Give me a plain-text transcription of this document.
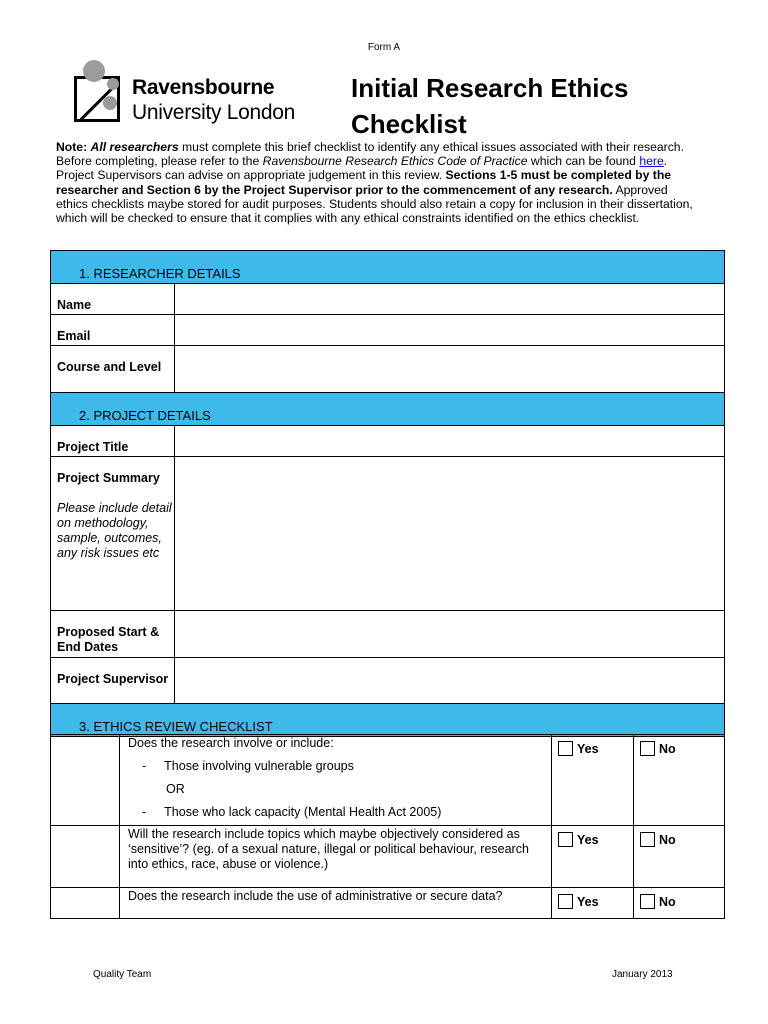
Form A
Ravensbourne
University London
Initial Research Ethics
Checklist
Note: All researchers must complete this brief checklist to identify any ethical issues associated with their research. Before completing, please refer to the Ravensbourne Research Ethics Code of Practice which can be found here. Project Supervisors can advise on appropriate judgement in this review. Sections 1-5 must be completed by the researcher and Section 6 by the Project Supervisor prior to the commencement of any research. Approved ethics checklists maybe stored for audit purposes. Students should also retain a copy for inclusion in their dissertation, which will be checked to ensure that it complies with any ethical constraints identified on the ethics checklist.
1. RESEARCHER DETAILS	
Name	
Email	
Course and Level	
2. PROJECT DETAILS	
Project Title	
Project Summary
Please include detail on methodology, sample, outcomes, any risk issues etc	

Proposed Start & End Dates	
Project Supervisor	
3. ETHICS REVIEW CHECKLIST	

	Does the research involve or include:
- Those involving vulnerable groups
OR
- Those who lack capacity (Mental Health Act 2005)	Yes	No
	Will the research include topics which maybe objectively considered as ‘sensitive’? (eg. of a sexual nature, illegal or political behaviour, research into ethics, race, abuse or violence.)	Yes	No
	Does the research include the use of administrative or secure data?	Yes	No
Quality Team	January 2013
